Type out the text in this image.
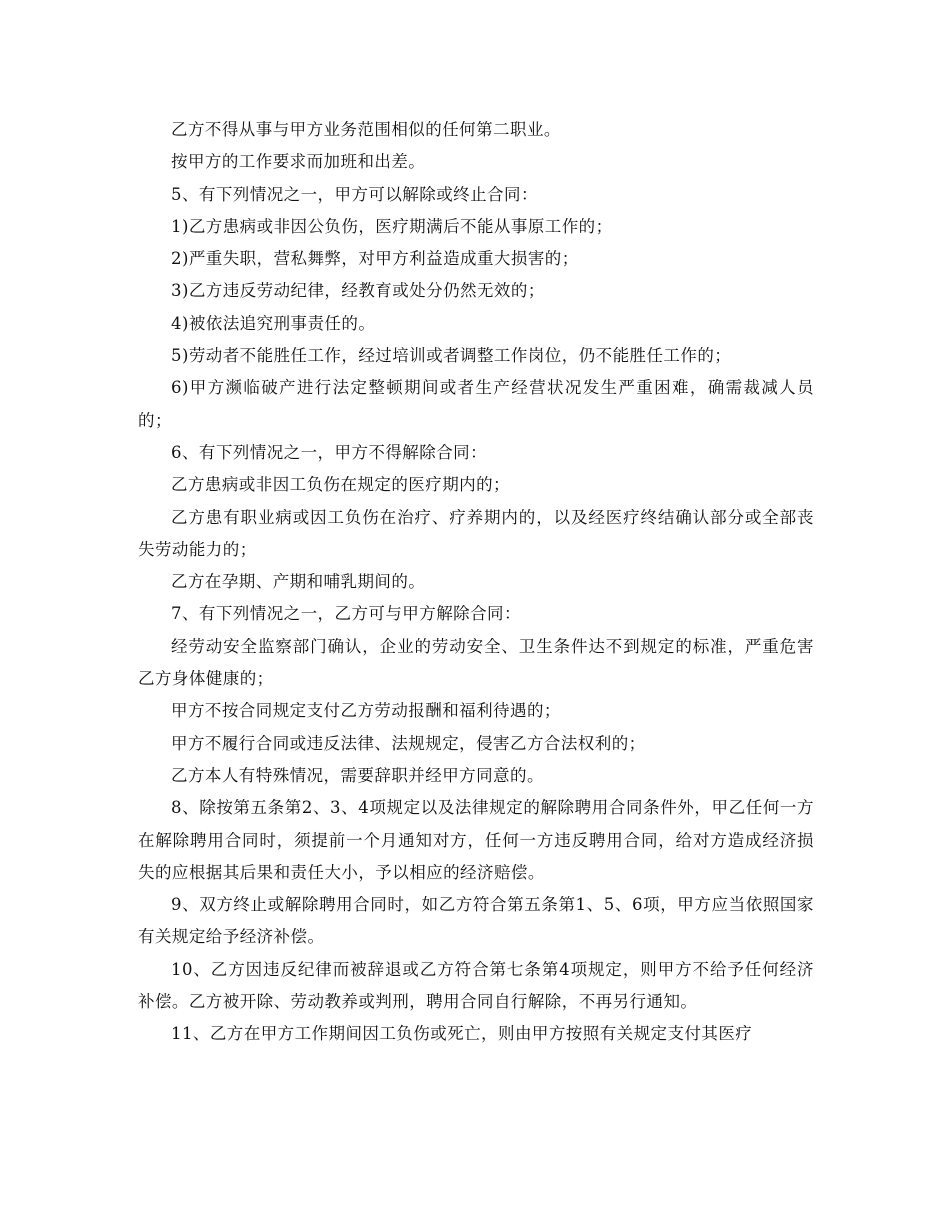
乙方不得从事与甲方业务范围相似的任何第二职业。

按甲方的工作要求而加班和出差。

5、有下列情况之一，甲方可以解除或终止合同：

1)乙方患病或非因公负伤，医疗期满后不能从事原工作的；

2)严重失职，营私舞弊，对甲方利益造成重大损害的；

3)乙方违反劳动纪律，经教育或处分仍然无效的；

4)被依法追究刑事责任的。

5)劳动者不能胜任工作，经过培训或者调整工作岗位，仍不能胜任工作的；

6)甲方濒临破产进行法定整顿期间或者生产经营状况发生严重困难，确需裁减人员的；

6、有下列情况之一，甲方不得解除合同：

乙方患病或非因工负伤在规定的医疗期内的；

乙方患有职业病或因工负伤在治疗、疗养期内的，以及经医疗终结确认部分或全部丧失劳动能力的；

乙方在孕期、产期和哺乳期间的。

7、有下列情况之一，乙方可与甲方解除合同：

经劳动安全监察部门确认，企业的劳动安全、卫生条件达不到规定的标准，严重危害乙方身体健康的；

甲方不按合同规定支付乙方劳动报酬和福利待遇的；

甲方不履行合同或违反法律、法规规定，侵害乙方合法权利的；

乙方本人有特殊情况，需要辞职并经甲方同意的。

8、除按第五条第2、3、4项规定以及法律规定的解除聘用合同条件外，甲乙任何一方在解除聘用合同时，须提前一个月通知对方，任何一方违反聘用合同，给对方造成经济损失的应根据其后果和责任大小，予以相应的经济赔偿。

9、双方终止或解除聘用合同时，如乙方符合第五条第1、5、6项，甲方应当依照国家有关规定给予经济补偿。

10、乙方因违反纪律而被辞退或乙方符合第七条第4项规定，则甲方不给予任何经济补偿。乙方被开除、劳动教养或判刑，聘用合同自行解除，不再另行通知。

11、乙方在甲方工作期间因工负伤或死亡，则由甲方按照有关规定支付其医疗
